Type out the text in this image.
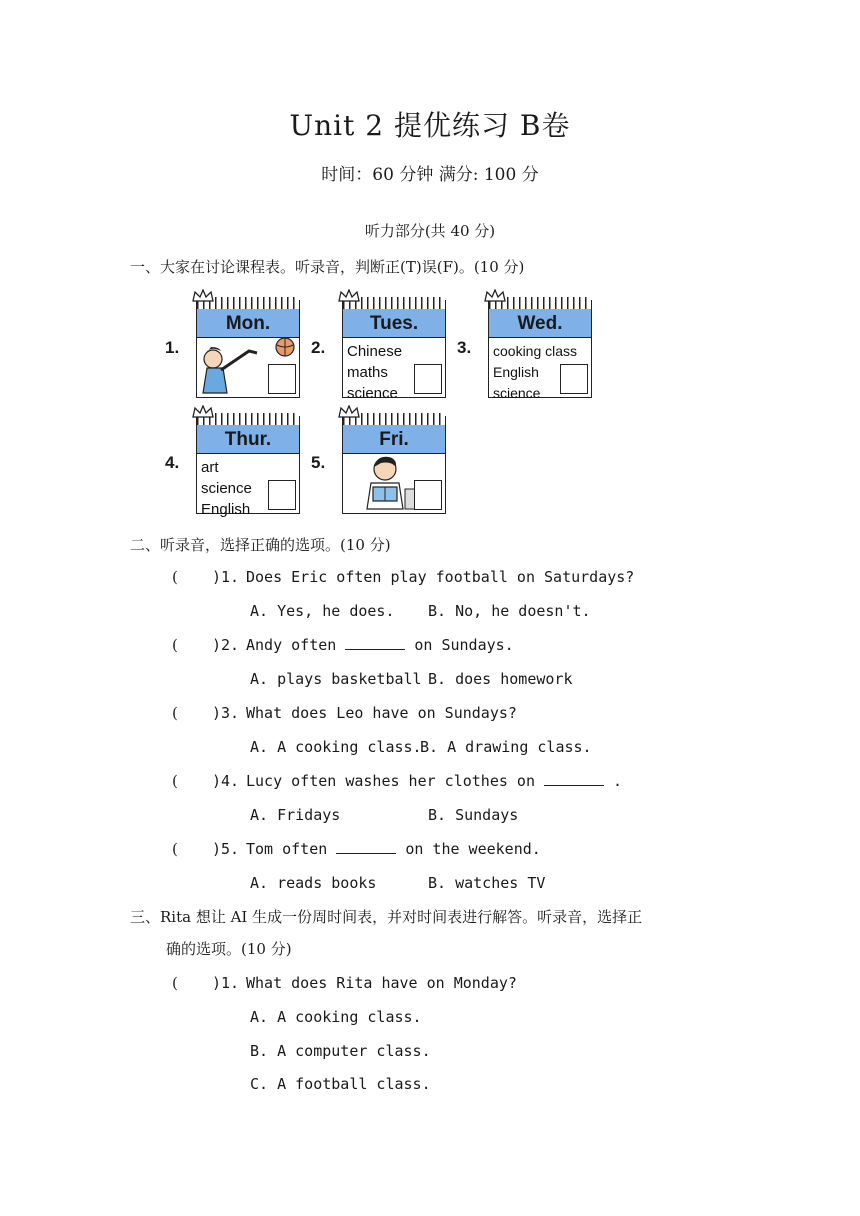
Unit 2 提优练习 B卷
时间：60 分钟 满分: 100 分
听力部分(共 40 分)
一、大家在讨论课程表。听录音，判断正(T)误(F)。(10 分)
1.	2.	3.
4.	5.
Mon.	Tues.
Chinese
maths
science
Wed.
cooking class
English
science
Thur.
art
science
English
Fri.
二、听录音，选择正确的选项。(10 分)
( )1. Does Eric often play football on Saturdays?
A. Yes, he does. B. No, he doesn't.
( )2. Andy often	on Sundays.
A. plays basketball B. does homework
( )3. What does Leo have on Sundays?
A. A cooking class.
B. A drawing class.
( )4. Lucy often washes her clothes on	.
A. Fridays	B. Sundays
( )5. Tom often	on the weekend.
A. reads books	B. watches TV
三、Rita 想让 AI 生成一份周时间表，并对时间表进行解答。听录音，选择正
确的选项。(10 分)
( )1. What does Rita have on Monday?
A. A cooking class.
B. A computer class.
C. A football class.
